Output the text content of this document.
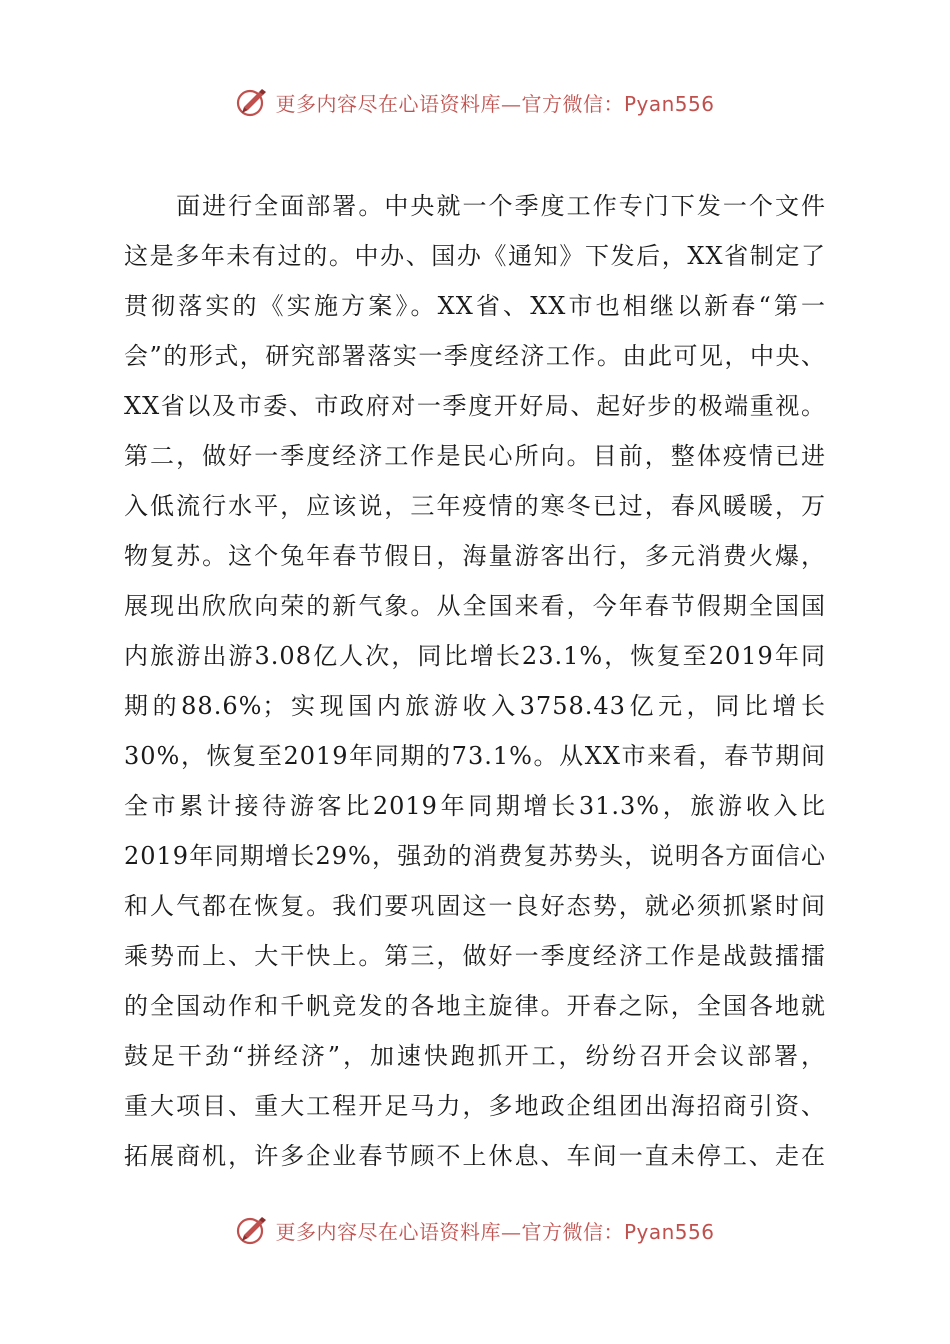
更多内容尽在心语资料库—官方微信：Pyan556
　　面进行全面部署。中央就一个季度工作专门下发一个文件
这是多年未有过的。中办、国办《通知》下发后，XX省制定了
贯彻落实的《实施方案》。XX省、XX市也相继以新春“第一
会”的形式，研究部署落实一季度经济工作。由此可见，中央、
XX省以及市委、市政府对一季度开好局、起好步的极端重视。
第二，做好一季度经济工作是民心所向。目前，整体疫情已进
入低流行水平，应该说，三年疫情的寒冬已过，春风暖暖，万
物复苏。这个兔年春节假日，海量游客出行，多元消费火爆，
展现出欣欣向荣的新气象。从全国来看，今年春节假期全国国
内旅游出游3.08亿人次，同比增长23.1%，恢复至2019年同
期的88.6%；实现国内旅游收入3758.43亿元，同比增长
30%，恢复至2019年同期的73.1%。从XX市来看，春节期间
全市累计接待游客比2019年同期增长31.3%，旅游收入比
2019年同期增长29%，强劲的消费复苏势头，说明各方面信心
和人气都在恢复。我们要巩固这一良好态势，就必须抓紧时间
乘势而上、大干快上。第三，做好一季度经济工作是战鼓擂擂
的全国动作和千帆竞发的各地主旋律。开春之际，全国各地就
鼓足干劲“拼经济”，加速快跑抓开工，纷纷召开会议部署，
重大项目、重大工程开足马力，多地政企组团出海招商引资、
拓展商机，许多企业春节顾不上休息、车间一直未停工、走在
更多内容尽在心语资料库—官方微信：Pyan556
